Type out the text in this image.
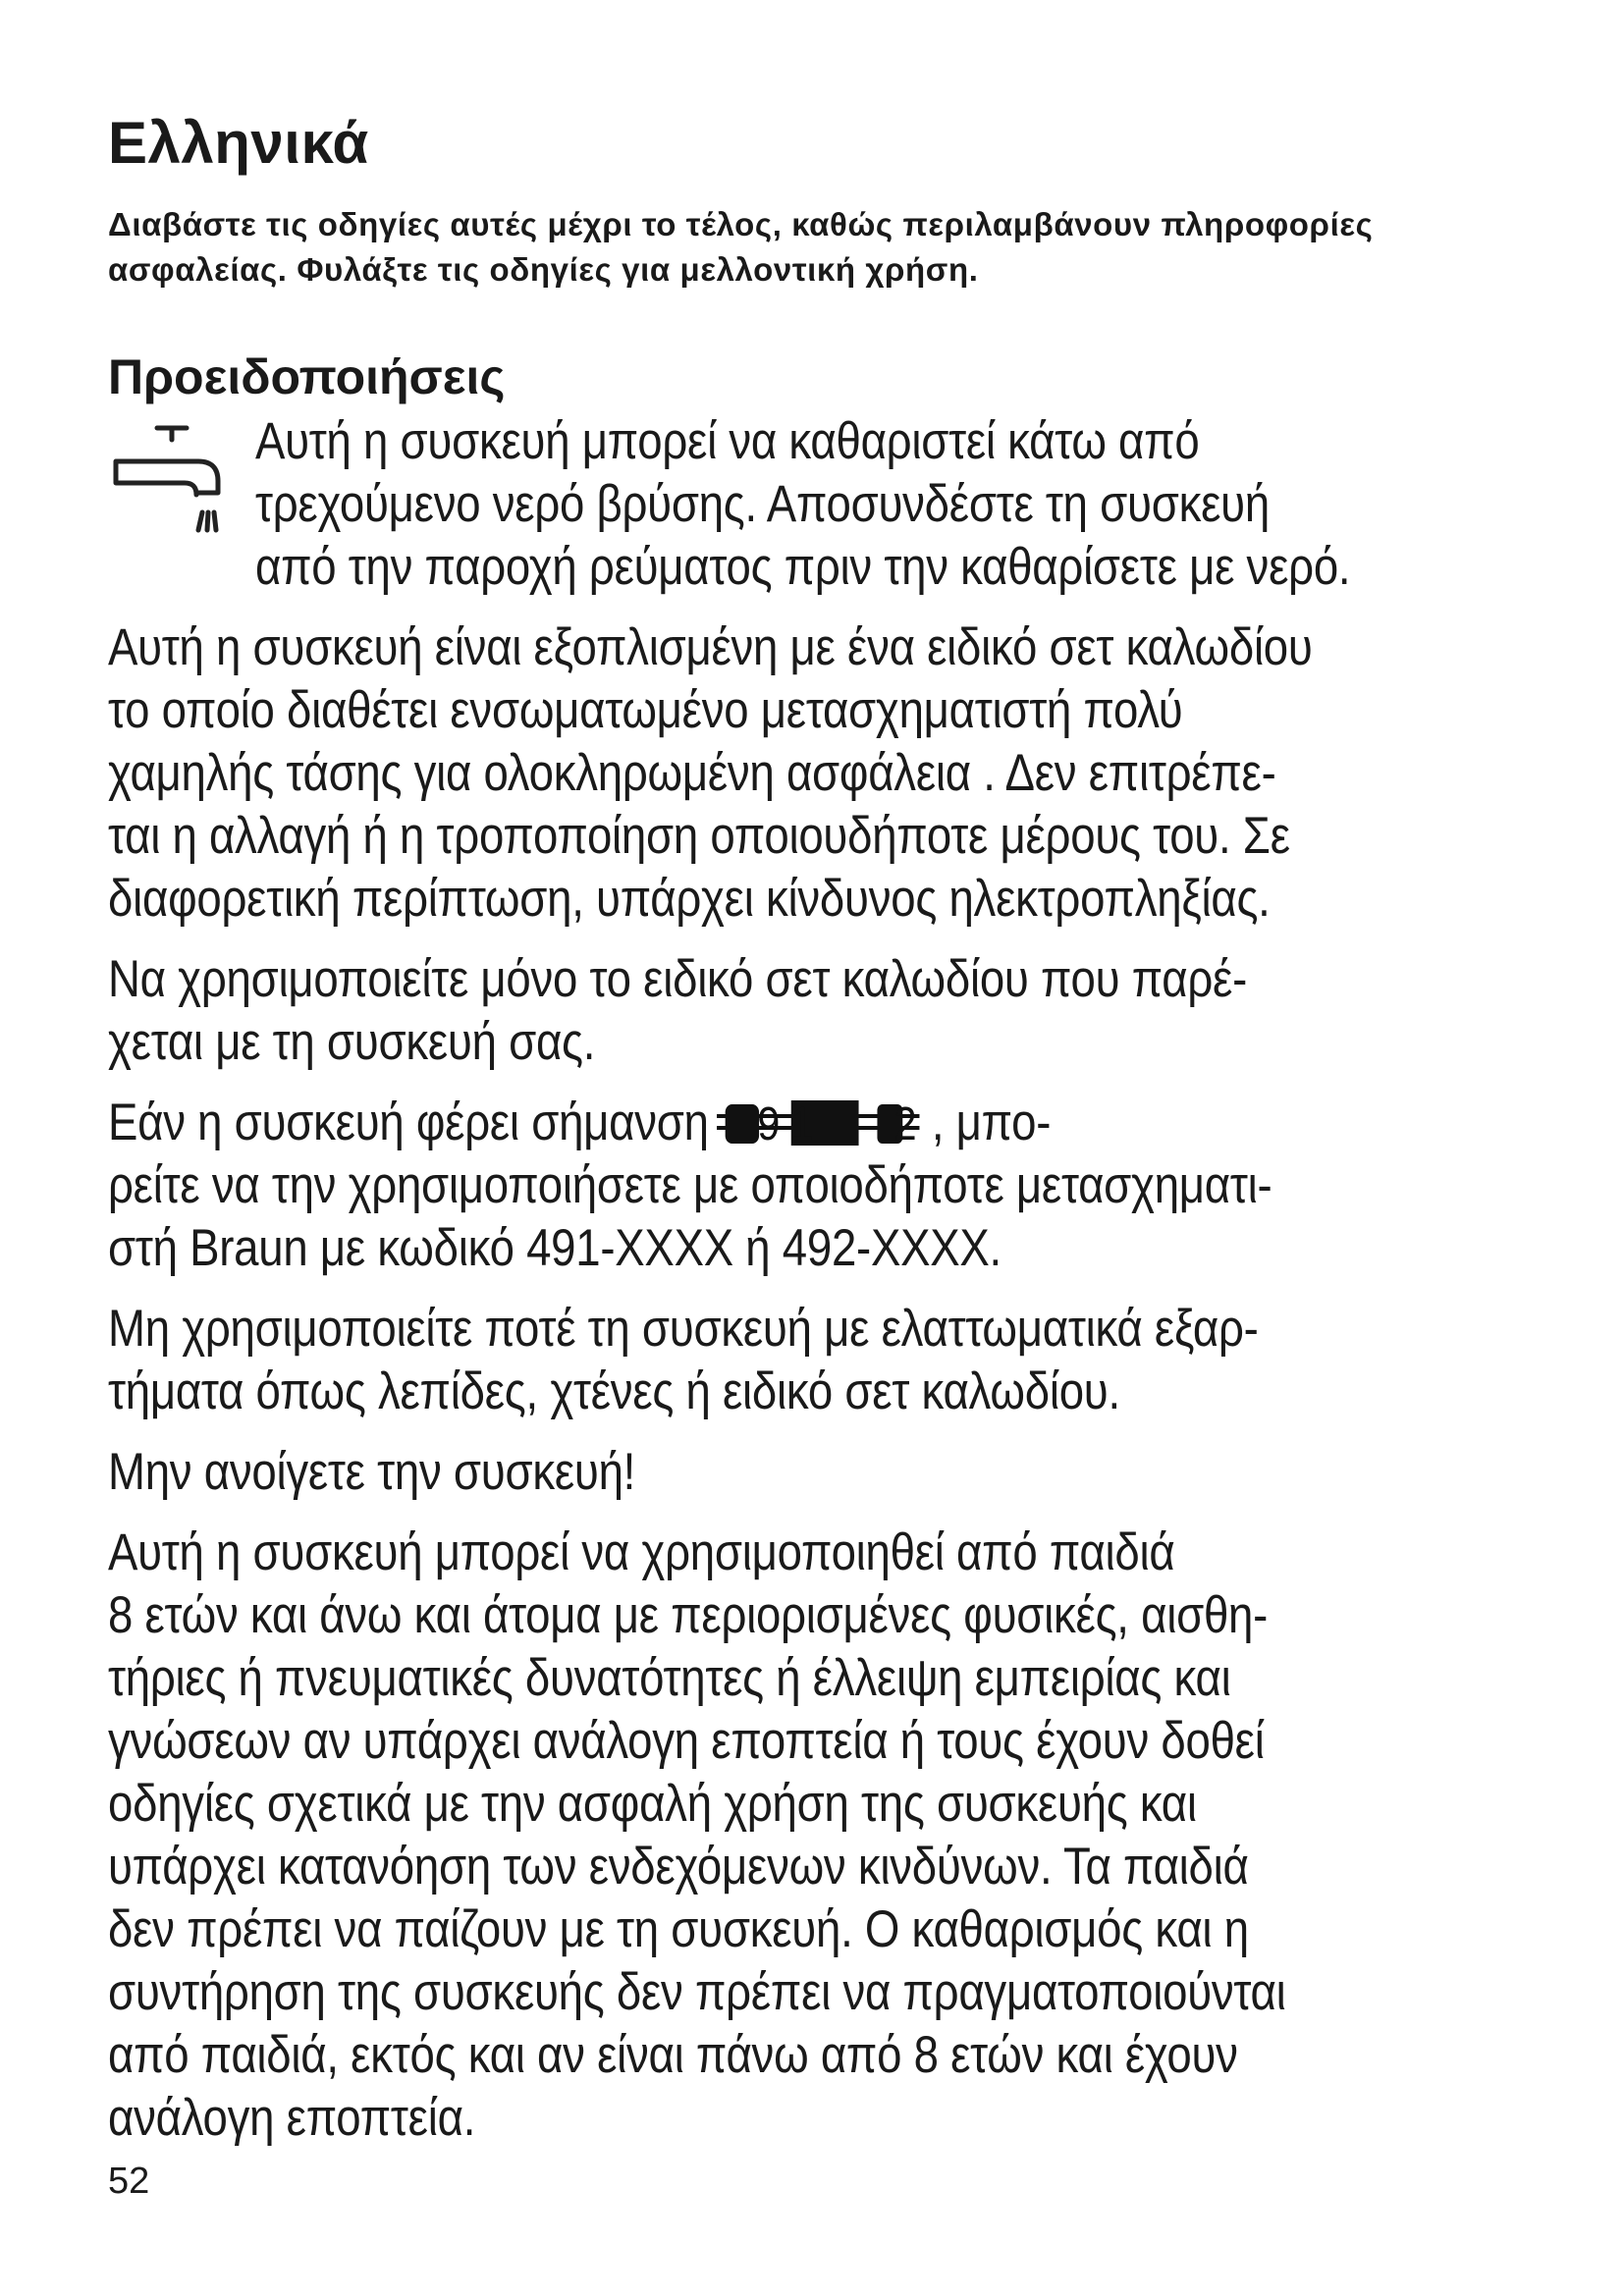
Ελληνικά
Διαβάστε τις οδηγίες αυτές μέχρι το τέλος, καθώς περιλαμβάνουν πληροφορίες ασφαλείας. Φυλάξτε τις οδηγίες για μελλοντική χρήση.
Προειδοποιήσεις
Αυτή η συσκευή μπορεί να καθαριστεί κάτω από
τρεχούμενο νερό βρύσης. Αποσυνδέστε τη συσκευή
από την παροχή ρεύματος πριν την καθαρίσετε με νερό.
Αυτή η συσκευή είναι εξοπλισμένη με ένα ειδικό σετ καλωδίου
το οποίο διαθέτει ενσωματωμένο μετασχηματιστή πολύ
χαμηλής τάσης για ολοκληρωμένη ασφάλεια . Δεν επιτρέπε-
ται η αλλαγή ή η τροποποίηση οποιουδήποτε μέρους του. Σε
διαφορετική περίπτωση, υπάρχει κίνδυνος ηλεκτροπληξίας.
Να χρησιμοποιείτε μόνο το ειδικό σετ καλωδίου που παρέ-
χεται με τη συσκευή σας.
Εάν η συσκευή φέρει σήμανση 9 1 2 , μπο-
ρείτε να την χρησιμοποιήσετε με οποιοδήποτε μετασχηματι-
στή Braun με κωδικό 491-XXXX ή 492-XXXX.
Μη χρησιμοποιείτε ποτέ τη συσκευή με ελαττωματικά εξαρ-
τήματα όπως λεπίδες, χτένες ή ειδικό σετ καλωδίου.
Μην ανοίγετε την συσκευή!
Αυτή η συσκευή μπορεί να χρησιμοποιηθεί από παιδιά
8 ετών και άνω και άτομα με περιορισμένες φυσικές, αισθη-
τήριες ή πνευματικές δυνατότητες ή έλλειψη εμπειρίας και
γνώσεων αν υπάρχει ανάλογη εποπτεία ή τους έχουν δοθεί
οδηγίες σχετικά με την ασφαλή χρήση της συσκευής και
υπάρχει κατανόηση των ενδεχόμενων κινδύνων. Τα παιδιά
δεν πρέπει να παίζουν με τη συσκευή. Ο καθαρισμός και η
συντήρηση της συσκευής δεν πρέπει να πραγματοποιούνται
από παιδιά, εκτός και αν είναι πάνω από 8 ετών και έχουν
ανάλογη εποπτεία.
52
